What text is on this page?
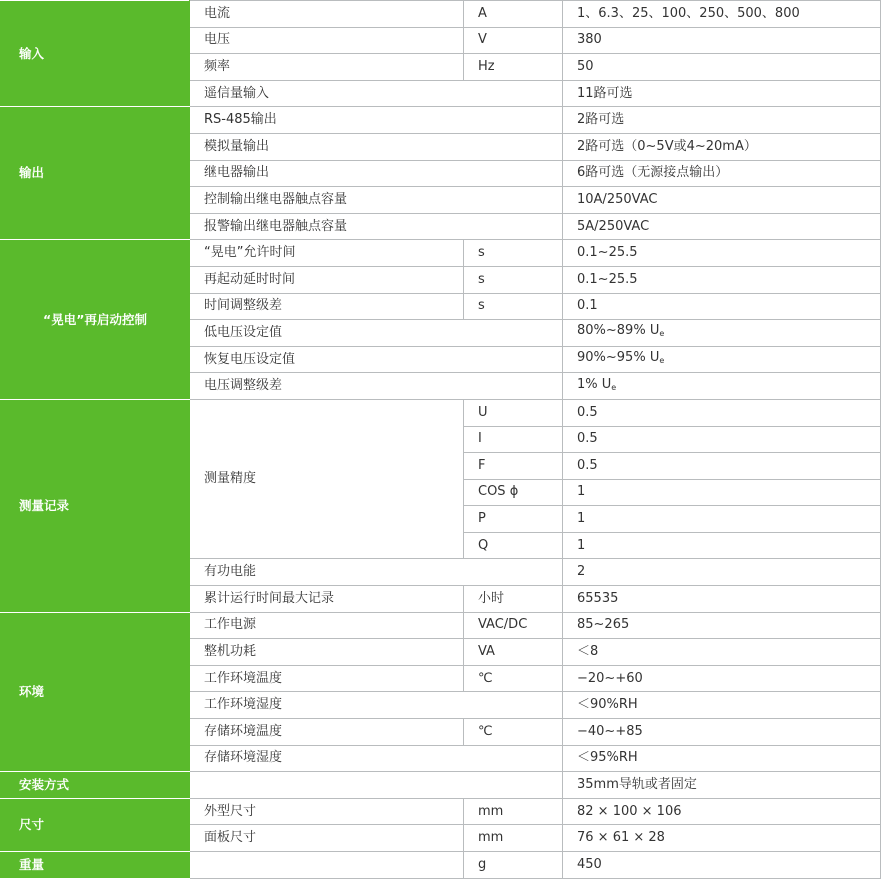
输入	电流	A	1、6.3、25、100、250、500、800
	电压	V	380
	频率	Hz	50
	遥信量输入		11路可选
输出	RS-485输出		2路可选
	模拟量输出		2路可选（0~5V或4~20mA）
	继电器输出		6路可选（无源接点输出）
	控制输出继电器触点容量		10A/250VAC
	报警输出继电器触点容量		5A/250VAC
“晃电”再启动控制	“晃电”允许时间	s	0.1~25.5
	再起动延时时间	s	0.1~25.5
	时间调整级差	s	0.1
	低电压设定值		80%~89% $U_e$
	恢复电压设定值		90%~95% $U_e$
	电压调整级差		1% $U_e$
测量记录	测量精度	U	0.5
		I	0.5
		F	0.5
		COS ϕ	1
		P	1
		Q	1
	有功电能		2
	累计运行时间最大记录	小时	65535
环境	工作电源	VAC/DC	85~265
	整机功耗	VA	＜8
	工作环境温度	℃	−20~+60
	工作环境湿度		＜90%RH
	存储环境温度	℃	−40~+85
	存储环境湿度		＜95%RH
安装方式			35mm导轨或者固定
尺寸	外型尺寸	mm	82 × 100 × 106
	面板尺寸	mm	76 × 61 × 28
重量		g	450
